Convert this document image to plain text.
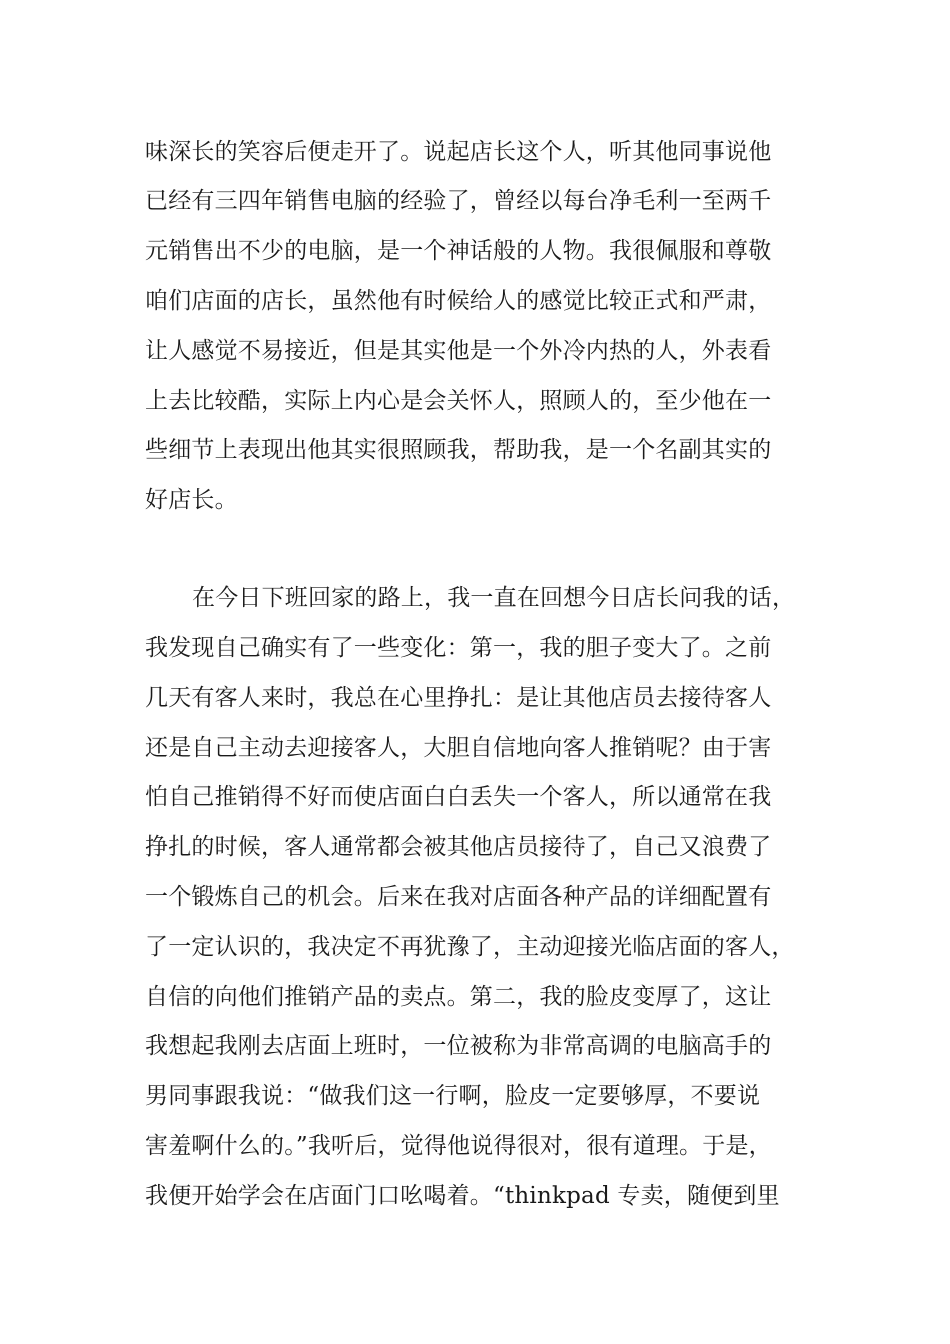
味深长的笑容后便走开了。说起店长这个人，听其他同事说他
已经有三四年销售电脑的经验了，曾经以每台净毛利一至两千
元销售出不少的电脑，是一个神话般的人物。我很佩服和尊敬
咱们店面的店长，虽然他有时候给人的感觉比较正式和严肃，
让人感觉不易接近，但是其实他是一个外冷内热的人，外表看
上去比较酷，实际上内心是会关怀人，照顾人的，至少他在一
些细节上表现出他其实很照顾我，帮助我，是一个名副其实的
好店长。
在今日下班回家的路上，我一直在回想今日店长问我的话，
我发现自己确实有了一些变化：第一，我的胆子变大了。之前
几天有客人来时，我总在心里挣扎：是让其他店员去接待客人
还是自己主动去迎接客人，大胆自信地向客人推销呢？由于害
怕自己推销得不好而使店面白白丢失一个客人，所以通常在我
挣扎的时候，客人通常都会被其他店员接待了，自己又浪费了
一个锻炼自己的机会。后来在我对店面各种产品的详细配置有
了一定认识的，我决定不再犹豫了，主动迎接光临店面的客人，
自信的向他们推销产品的卖点。第二，我的脸皮变厚了，这让
我想起我刚去店面上班时，一位被称为非常高调的电脑高手的
男同事跟我说：“做我们这一行啊，脸皮一定要够厚，不要说
害羞啊什么的。”我听后，觉得他说得很对，很有道理。于是，
我便开始学会在店面门口吆喝着。“thinkpad 专卖，随便到里
